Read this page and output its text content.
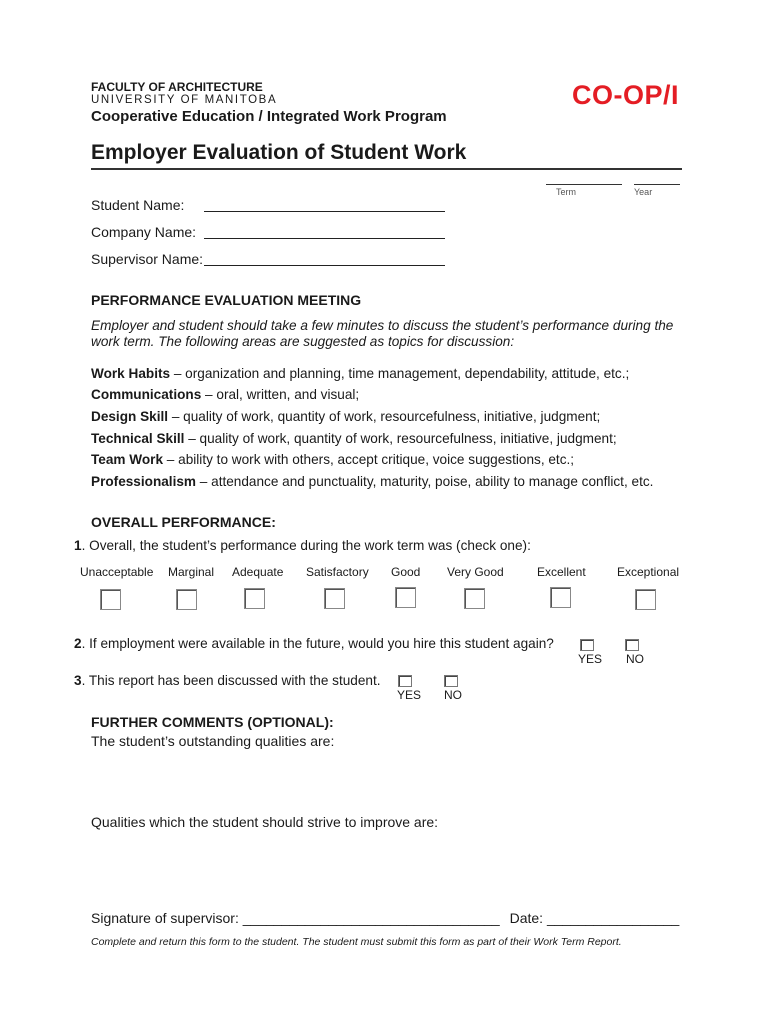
FACULTY OF ARCHITECTURE
UNIVERSITY OF MANITOBA
Cooperative Education / Integrated Work Program
CO-OP/I
Employer Evaluation of Student Work
Term	Year
Student Name:
Company Name:
Supervisor Name:
PERFORMANCE EVALUATION MEETING
Employer and student should take a few minutes to discuss the student’s performance during the work term. The following areas are suggested as topics for discussion:
Work Habits – organization and planning, time management, dependability, attitude, etc.;
Communications – oral, written, and visual;
Design Skill – quality of work, quantity of work, resourcefulness, initiative, judgment;
Technical Skill – quality of work, quantity of work, resourcefulness, initiative, judgment;
Team Work – ability to work with others, accept critique, voice suggestions, etc.;
Professionalism – attendance and punctuality, maturity, poise, ability to manage conflict, etc.
OVERALL PERFORMANCE:
1. Overall, the student’s performance during the work term was (check one):
Unacceptable Marginal Adequate Satisfactory Good Very Good	Excellent	Exceptional
2. If employment were available in the future, would you hire this student again?
YES NO
3. This report has been discussed with the student.
YES NO
FURTHER COMMENTS (OPTIONAL):
The student’s outstanding qualities are:
Qualities which the student should strive to improve are:
Signature of supervisor: _________________________________ Date: _________________
Complete and return this form to the student. The student must submit this form as part of their Work Term Report.
